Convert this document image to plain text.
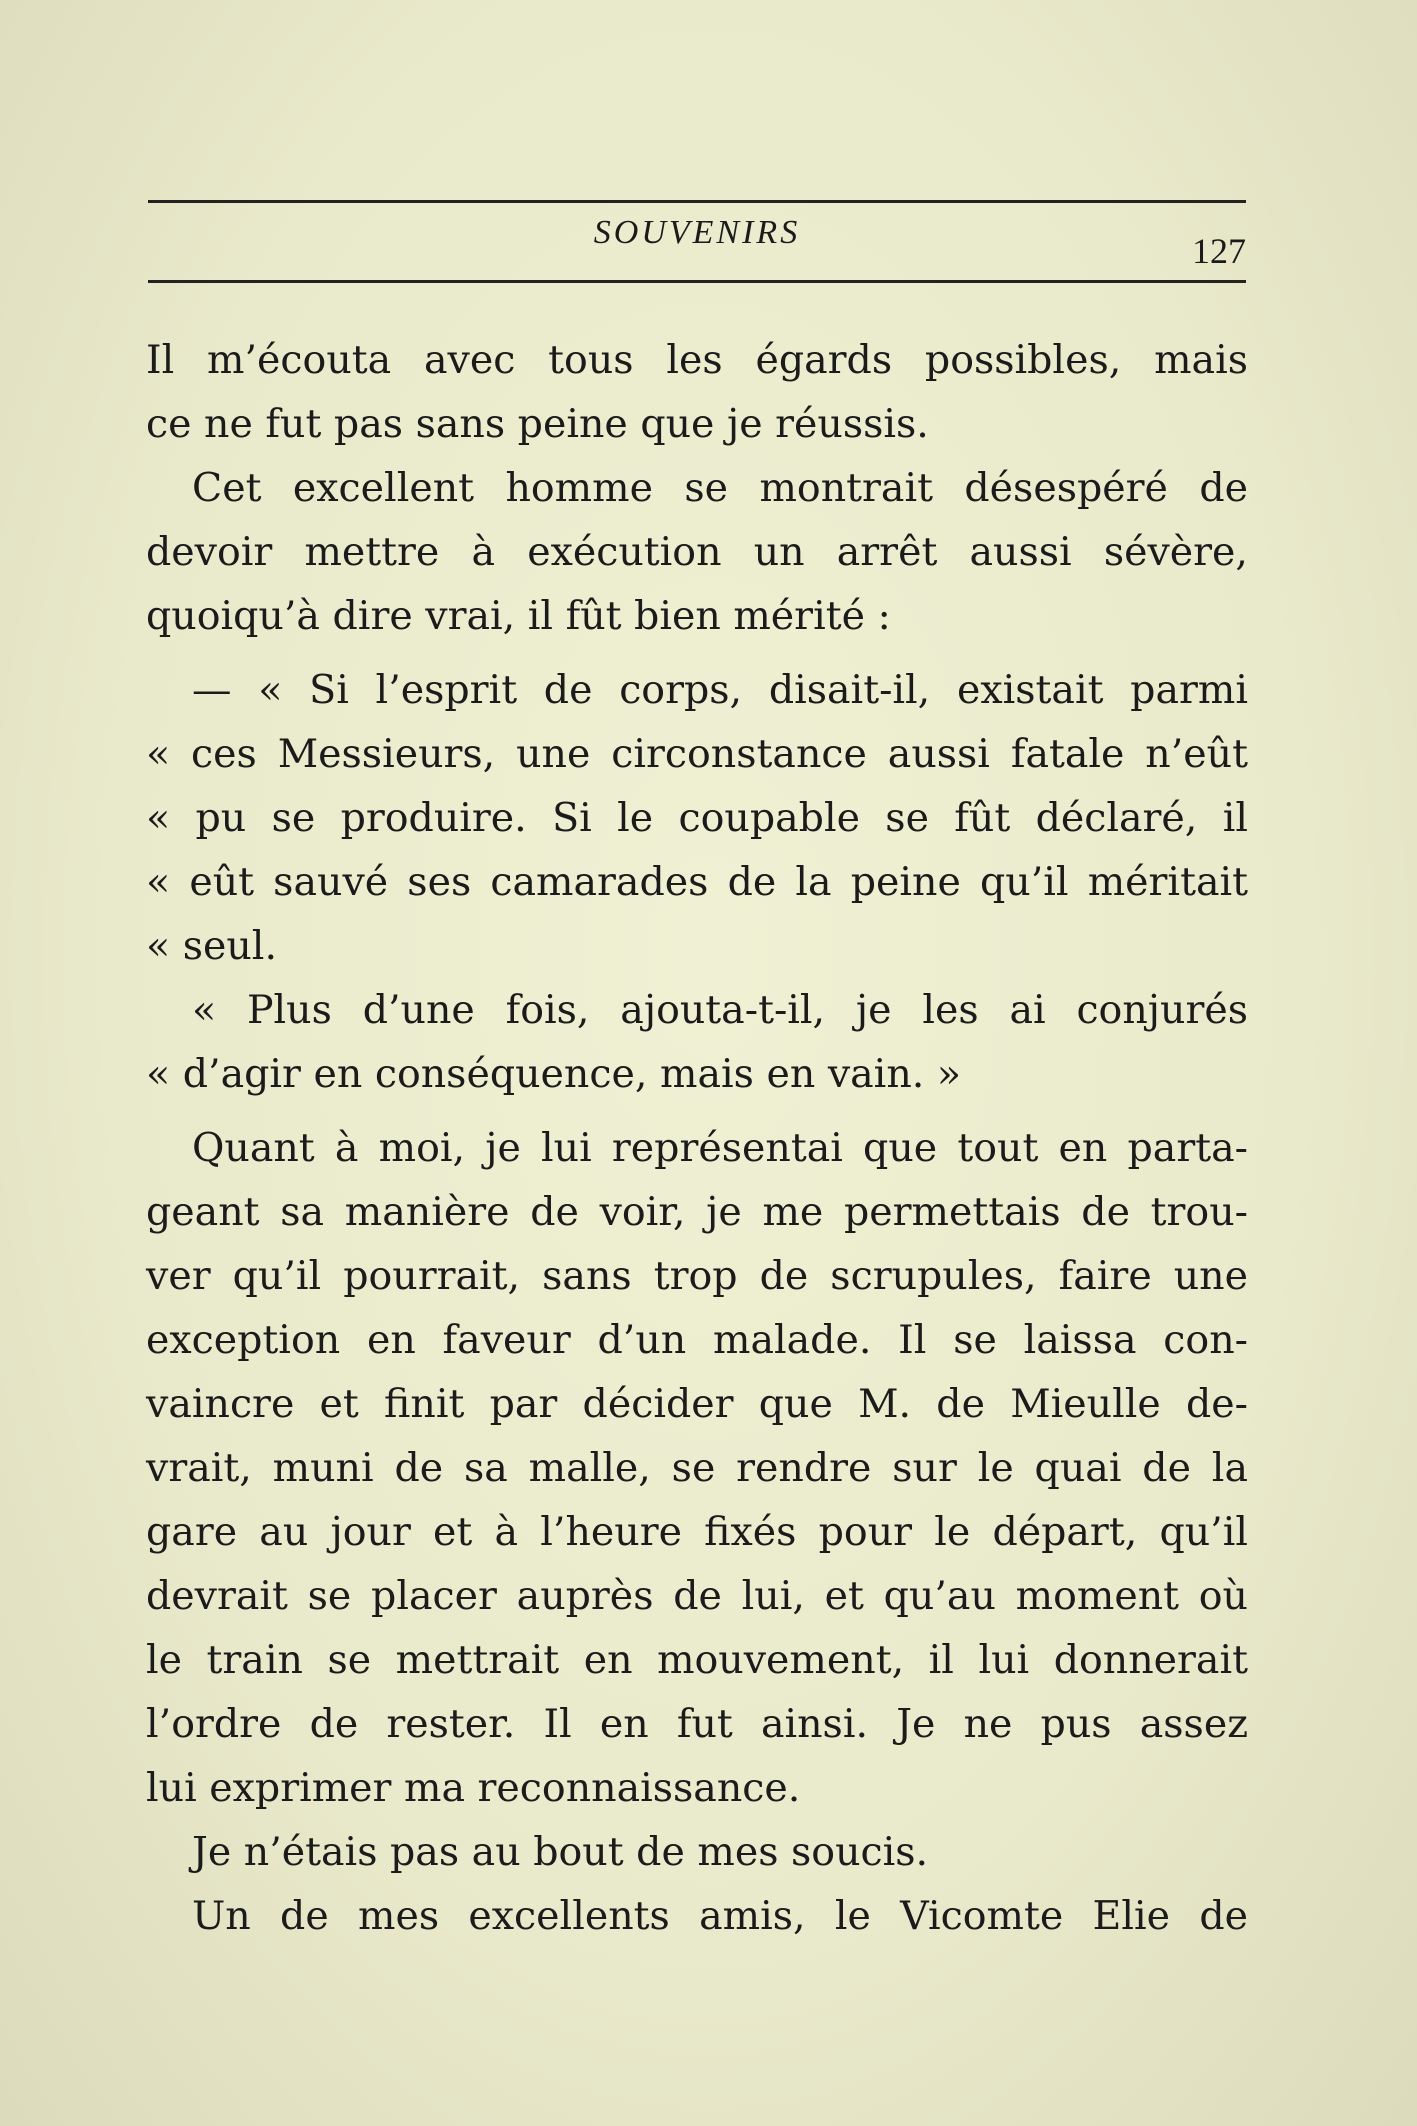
SOUVENIRS	127
Il m’écouta avec tous les égards possibles, mais
ce ne fut pas sans peine que je réussis.
Cet excellent homme se montrait désespéré de
devoir mettre à exécution un arrêt aussi sévère,
quoiqu’à dire vrai, il fût bien mérité :
— « Si l’esprit de corps, disait-il, existait parmi
« ces Messieurs, une circonstance aussi fatale n’eût
« pu se produire. Si le coupable se fût déclaré, il
« eût sauvé ses camarades de la peine qu’il méritait
« seul.
« Plus d’une fois, ajouta-t-il, je les ai conjurés
« d’agir en conséquence, mais en vain. »
Quant à moi, je lui représentai que tout en parta-
geant sa manière de voir, je me permettais de trou-
ver qu’il pourrait, sans trop de scrupules, faire une
exception en faveur d’un malade. Il se laissa con-
vaincre et finit par décider que M. de Mieulle de-
vrait, muni de sa malle, se rendre sur le quai de la
gare au jour et à l’heure fixés pour le départ, qu’il
devrait se placer auprès de lui, et qu’au moment où
le train se mettrait en mouvement, il lui donnerait
l’ordre de rester. Il en fut ainsi. Je ne pus assez
lui exprimer ma reconnaissance.
Je n’étais pas au bout de mes soucis.
Un de mes excellents amis, le Vicomte Elie de
